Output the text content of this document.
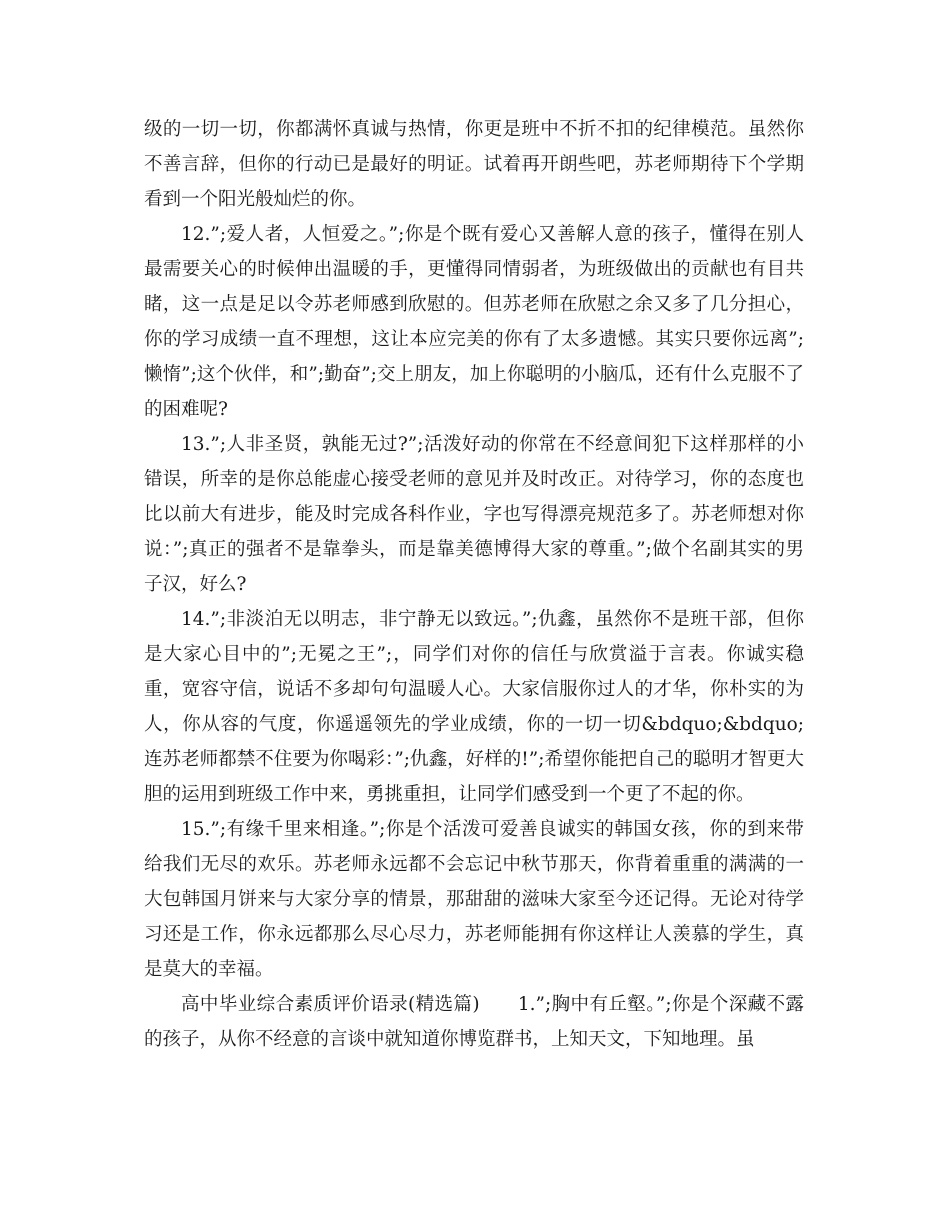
级的一切一切，你都满怀真诚与热情，你更是班中不折不扣的纪律模范。虽然你不善言辞，但你的行动已是最好的明证。试着再开朗些吧，苏老师期待下个学期看到一个阳光般灿烂的你。

12.”;爱人者，人恒爱之。”;你是个既有爱心又善解人意的孩子，懂得在别人最需要关心的时候伸出温暖的手，更懂得同情弱者，为班级做出的贡献也有目共睹，这一点是足以令苏老师感到欣慰的。但苏老师在欣慰之余又多了几分担心，你的学习成绩一直不理想，这让本应完美的你有了太多遗憾。其实只要你远离”;懒惰”;这个伙伴，和”;勤奋”;交上朋友，加上你聪明的小脑瓜，还有什么克服不了的困难呢?

13.”;人非圣贤，孰能无过?”;活泼好动的你常在不经意间犯下这样那样的小错误，所幸的是你总能虚心接受老师的意见并及时改正。对待学习，你的态度也比以前大有进步，能及时完成各科作业，字也写得漂亮规范多了。苏老师想对你说：”;真正的强者不是靠拳头，而是靠美德博得大家的尊重。”;做个名副其实的男子汉，好么?

14.”;非淡泊无以明志，非宁静无以致远。”;仇鑫，虽然你不是班干部，但你是大家心目中的”;无冕之王”;，同学们对你的信任与欣赏溢于言表。你诚实稳重，宽容守信，说话不多却句句温暖人心。大家信服你过人的才华，你朴实的为人，你从容的气度，你遥遥领先的学业成绩，你的一切一切&bdquo;&bdquo;连苏老师都禁不住要为你喝彩：”;仇鑫，好样的!”;希望你能把自己的聪明才智更大胆的运用到班级工作中来，勇挑重担，让同学们感受到一个更了不起的你。

15.”;有缘千里来相逢。”;你是个活泼可爱善良诚实的韩国女孩，你的到来带给我们无尽的欢乐。苏老师永远都不会忘记中秋节那天，你背着重重的满满的一大包韩国月饼来与大家分享的情景，那甜甜的滋味大家至今还记得。无论对待学习还是工作，你永远都那么尽心尽力，苏老师能拥有你这样让人羡慕的学生，真是莫大的幸福。

高中毕业综合素质评价语录(精选篇)　　1.”;胸中有丘壑。”;你是个深藏不露的孩子，从你不经意的言谈中就知道你博览群书，上知天文，下知地理。虽
